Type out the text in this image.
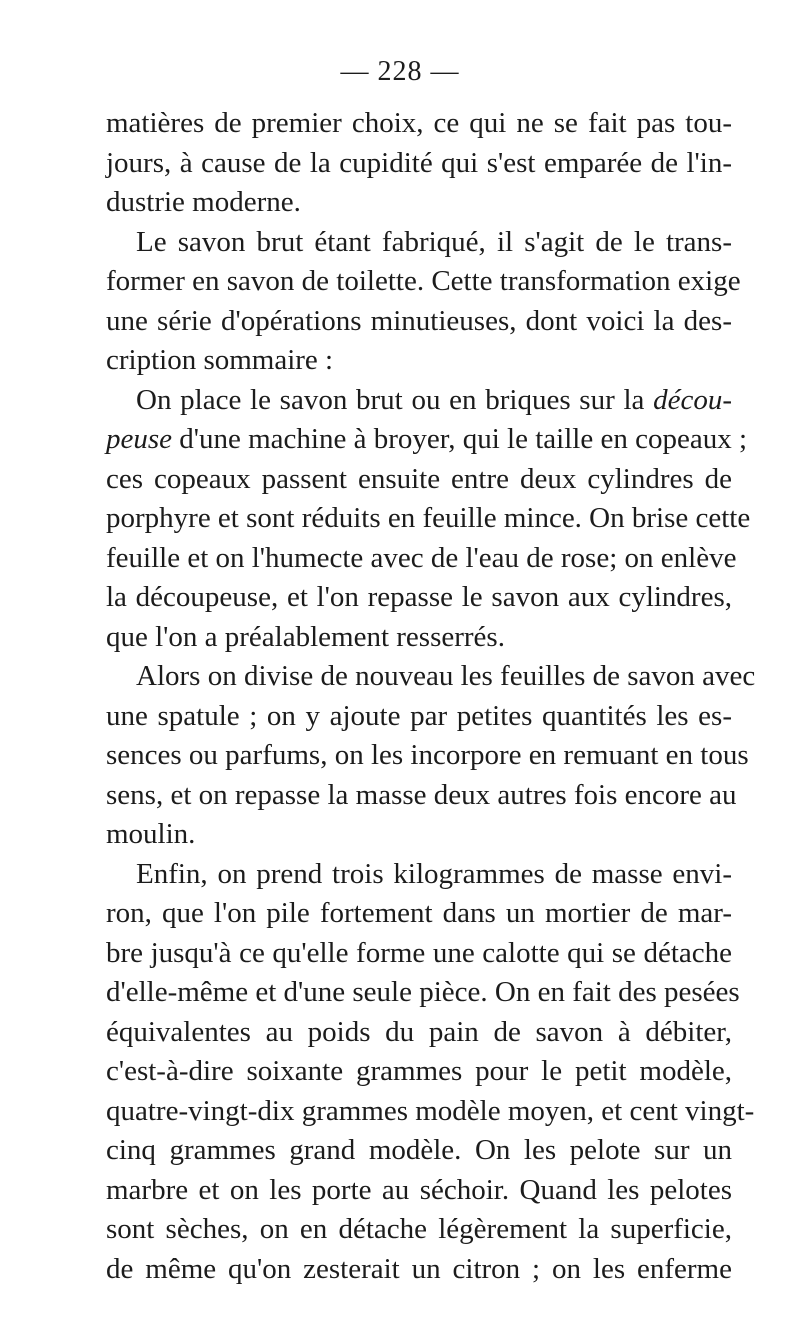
— 228 —
matières de premier choix, ce qui ne se fait pas tou-
jours, à cause de la cupidité qui s'est emparée de l'in-
dustrie moderne.
Le savon brut étant fabriqué, il s'agit de le trans-
former en savon de toilette. Cette transformation exige
une série d'opérations minutieuses, dont voici la des-
cription sommaire :
On place le savon brut ou en briques sur la décou-
peuse d'une machine à broyer, qui le taille en copeaux ;
ces copeaux passent ensuite entre deux cylindres de
porphyre et sont réduits en feuille mince. On brise cette
feuille et on l'humecte avec de l'eau de rose; on enlève
la découpeuse, et l'on repasse le savon aux cylindres,
que l'on a préalablement resserrés.
Alors on divise de nouveau les feuilles de savon avec
une spatule ; on y ajoute par petites quantités les es-
sences ou parfums, on les incorpore en remuant en tous
sens, et on repasse la masse deux autres fois encore au
moulin.
Enfin, on prend trois kilogrammes de masse envi-
ron, que l'on pile fortement dans un mortier de mar-
bre jusqu'à ce qu'elle forme une calotte qui se détache
d'elle-même et d'une seule pièce. On en fait des pesées
équivalentes au poids du pain de savon à débiter,
c'est-à-dire soixante grammes pour le petit modèle,
quatre-vingt-dix grammes modèle moyen, et cent vingt-
cinq grammes grand modèle. On les pelote sur un
marbre et on les porte au séchoir. Quand les pelotes
sont sèches, on en détache légèrement la superficie,
de même qu'on zesterait un citron ; on les enferme
